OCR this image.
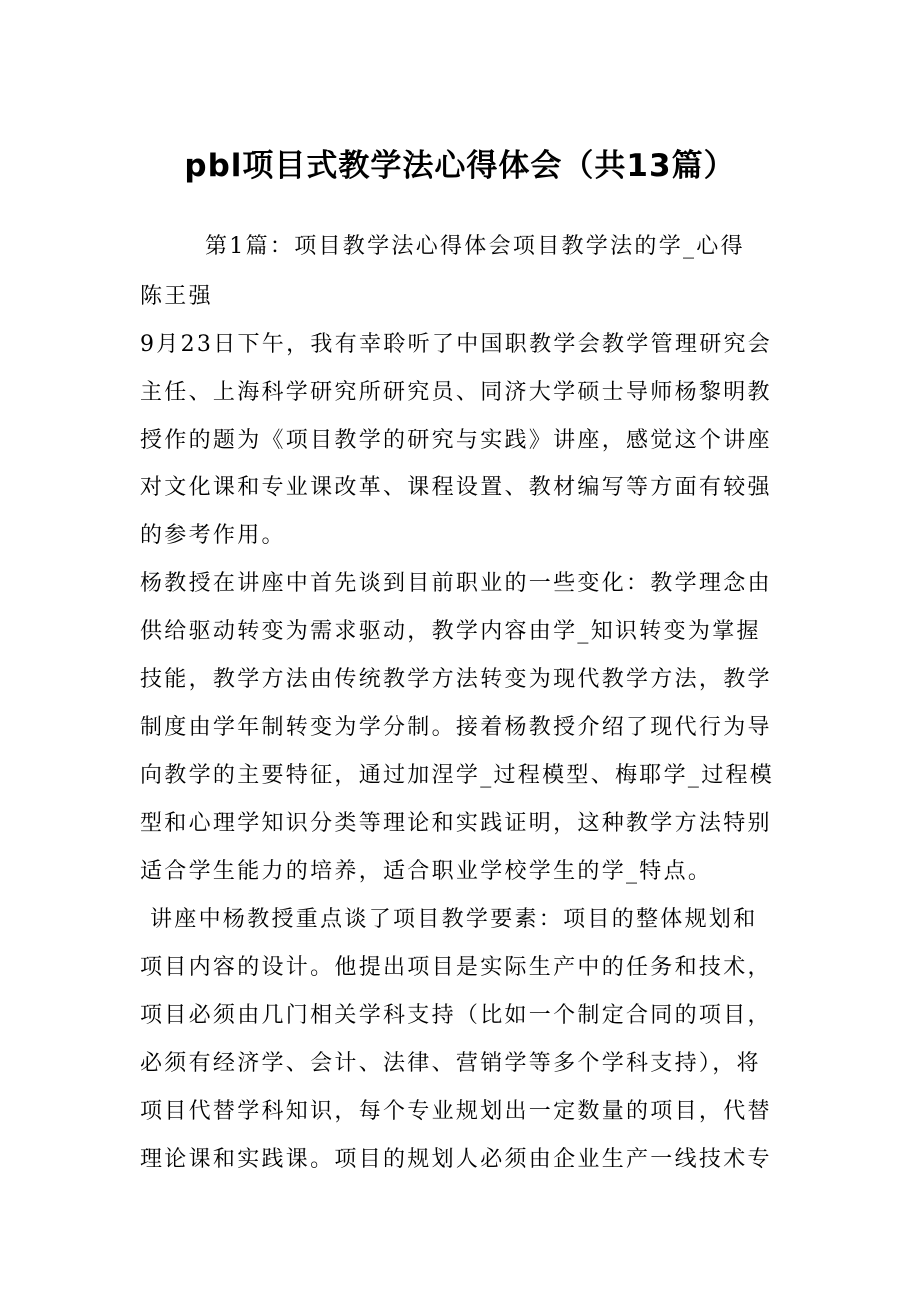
pbl项目式教学法心得体会（共13篇）

第1篇：项目教学法心得体会项目教学法的学_心得

陈王强

9月23日下午，我有幸聆听了中国职教学会教学管理研究会

主任、上海科学研究所研究员、同济大学硕士导师杨黎明教

授作的题为《项目教学的研究与实践》讲座，感觉这个讲座

对文化课和专业课改革、课程设置、教材编写等方面有较强

的参考作用。

杨教授在讲座中首先谈到目前职业的一些变化：教学理念由

供给驱动转变为需求驱动，教学内容由学_知识转变为掌握

技能，教学方法由传统教学方法转变为现代教学方法，教学

制度由学年制转变为学分制。接着杨教授介绍了现代行为导

向教学的主要特征，通过加涅学_过程模型、梅耶学_过程模

型和心理学知识分类等理论和实践证明，这种教学方法特别

适合学生能力的培养，适合职业学校学生的学_特点。

讲座中杨教授重点谈了项目教学要素：项目的整体规划和

项目内容的设计。他提出项目是实际生产中的任务和技术，

项目必须由几门相关学科支持（比如一个制定合同的项目，

必须有经济学、会计、法律、营销学等多个学科支持），将

项目代替学科知识，每个专业规划出一定数量的项目，代替

理论课和实践课。项目的规划人必须由企业生产一线技术专
